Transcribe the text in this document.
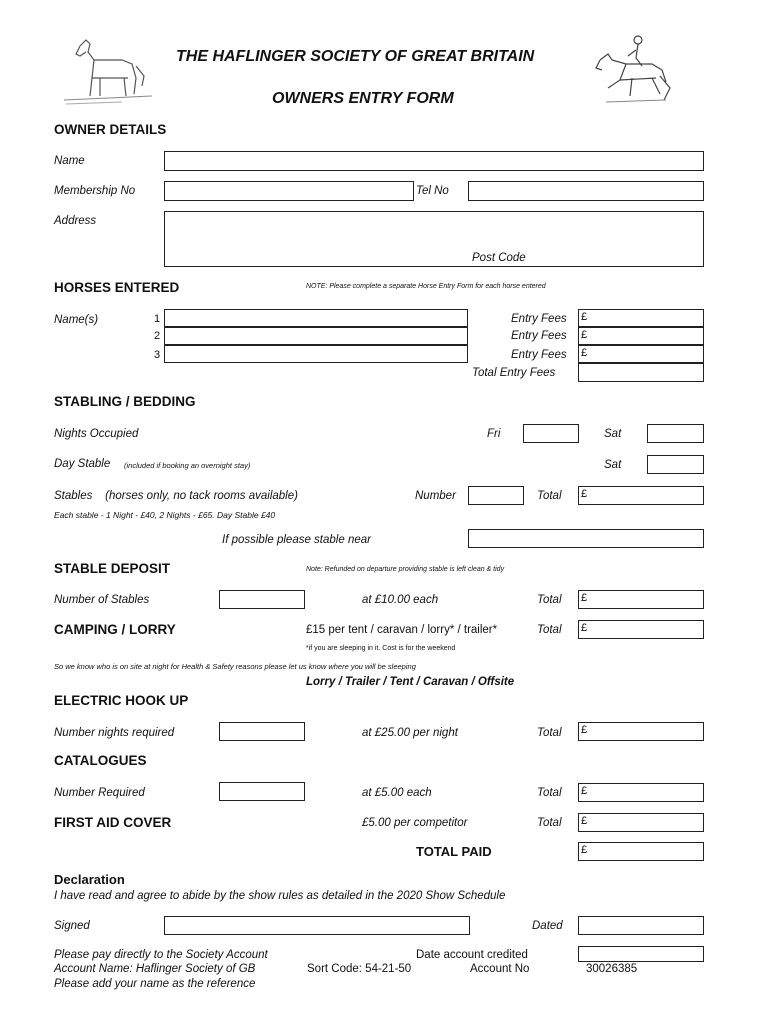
THE HAFLINGER SOCIETY OF GREAT BRITAIN
OWNERS ENTRY FORM
OWNER DETAILS
Name
Membership No	Tel No
Address
Post Code
HORSES ENTERED	NOTE: Please complete a separate Horse Entry Form for each horse entered
Name(s)	1	Entry Fees £
2	Entry Fees £
3	Entry Fees £
Total Entry Fees
STABLING / BEDDING
Nights Occupied	Fri	Sat
Day Stable (included if booking an overnight stay)	Sat
Stables    (horses only, no tack rooms available)	Number	Total £
Each stable - 1 Night - £40, 2 Nights - £65. Day Stable £40
If possible please stable near
STABLE DEPOSIT	Note: Refunded on departure providing stable is left clean & tidy
Number of Stables	at £10.00 each	Total £
CAMPING / LORRY	£15 per tent / caravan / lorry* / trailer*	Total £
*if you are sleeping in it. Cost is for the weekend
So we know who is on site at night for Health & Safety reasons please let us know where you will be sleeping
Lorry / Trailer / Tent / Caravan / Offsite
ELECTRIC HOOK UP
Number nights required	at £25.00 per night	Total £
CATALOGUES
Number Required	at £5.00 each	Total £
FIRST AID COVER	£5.00 per competitor	Total £
TOTAL PAID	£
Declaration
I have read and agree to abide by the show rules as detailed in the 2020 Show Schedule
Signed	Dated
Please pay directly to the Society Account	Date account credited
Account Name: Haflinger Society of GB	Sort Code: 54-21-50	Account No	30026385
Please add your name as the reference
